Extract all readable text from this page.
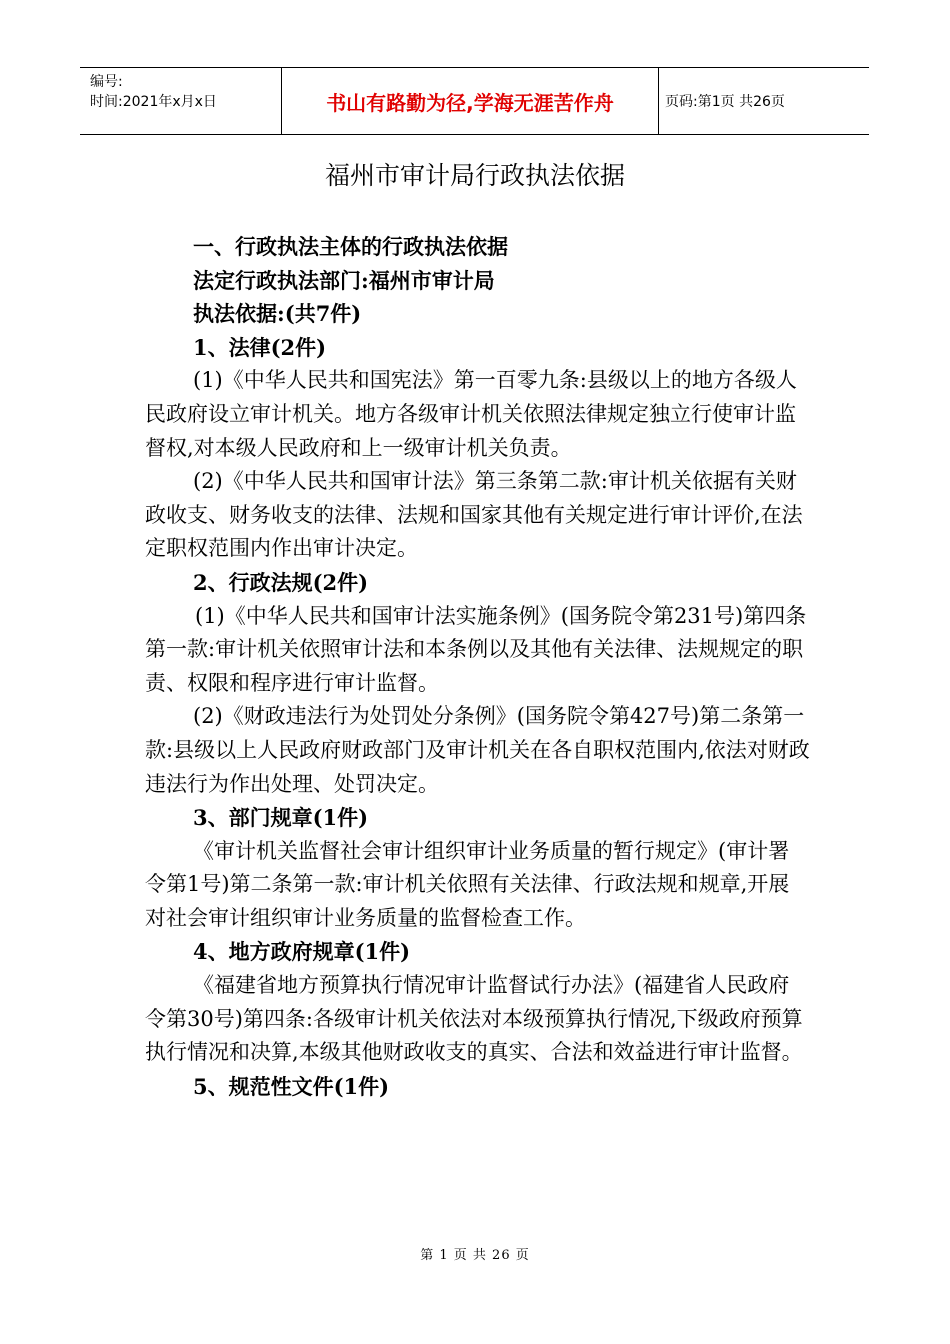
编号:
时间:2021年x月x日	书山有路勤为径,学海无涯苦作舟	页码:第1页 共26页
福州市审计局行政执法依据

一、行政执法主体的行政执法依据

法定行政执法部门:福州市审计局

执法依据:(共7件)

1、法律(2件)

(1)《中华人民共和国宪法》第一百零九条:县级以上的地方各级人民政府设立审计机关。地方各级审计机关依照法律规定独立行使审计监督权,对本级人民政府和上一级审计机关负责。

(2)《中华人民共和国审计法》第三条第二款:审计机关依据有关财政收支、财务收支的法律、法规和国家其他有关规定进行审计评价,在法定职权范围内作出审计决定。

2、行政法规(2件)

(1)《中华人民共和国审计法实施条例》(国务院令第231号)第四条第一款:审计机关依照审计法和本条例以及其他有关法律、法规规定的职责、权限和程序进行审计监督。

(2)《财政违法行为处罚处分条例》(国务院令第427号)第二条第一款:县级以上人民政府财政部门及审计机关在各自职权范围内,依法对财政违法行为作出处理、处罚决定。

3、部门规章(1件)

《审计机关监督社会审计组织审计业务质量的暂行规定》(审计署令第1号)第二条第一款:审计机关依照有关法律、行政法规和规章,开展对社会审计组织审计业务质量的监督检查工作。

4、地方政府规章(1件)

《福建省地方预算执行情况审计监督试行办法》(福建省人民政府令第30号)第四条:各级审计机关依法对本级预算执行情况,下级政府预算执行情况和决算,本级其他财政收支的真实、合法和效益进行审计监督。

5、规范性文件(1件)

第 1 页 共 26 页
